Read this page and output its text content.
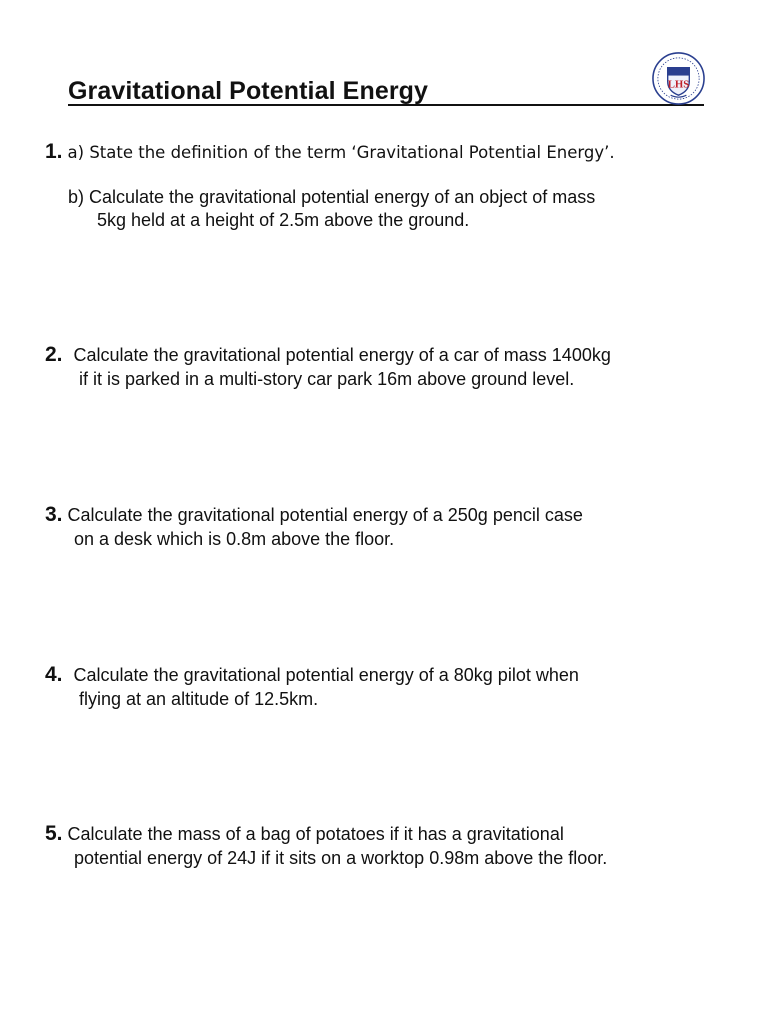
Gravitational Potential Energy	LHS
1. a) State the definition of the term ‘Gravitational Potential Energy’.
b) Calculate the gravitational potential energy of an object of mass
5kg held at a height of 2.5m above the ground.
2. Calculate the gravitational potential energy of a car of mass 1400kg
if it is parked in a multi-story car park 16m above ground level.
3. Calculate the gravitational potential energy of a 250g pencil case
on a desk which is 0.8m above the floor.
4. Calculate the gravitational potential energy of a 80kg pilot when
flying at an altitude of 12.5km.
5. Calculate the mass of a bag of potatoes if it has a gravitational
potential energy of 24J if it sits on a worktop 0.98m above the floor.
